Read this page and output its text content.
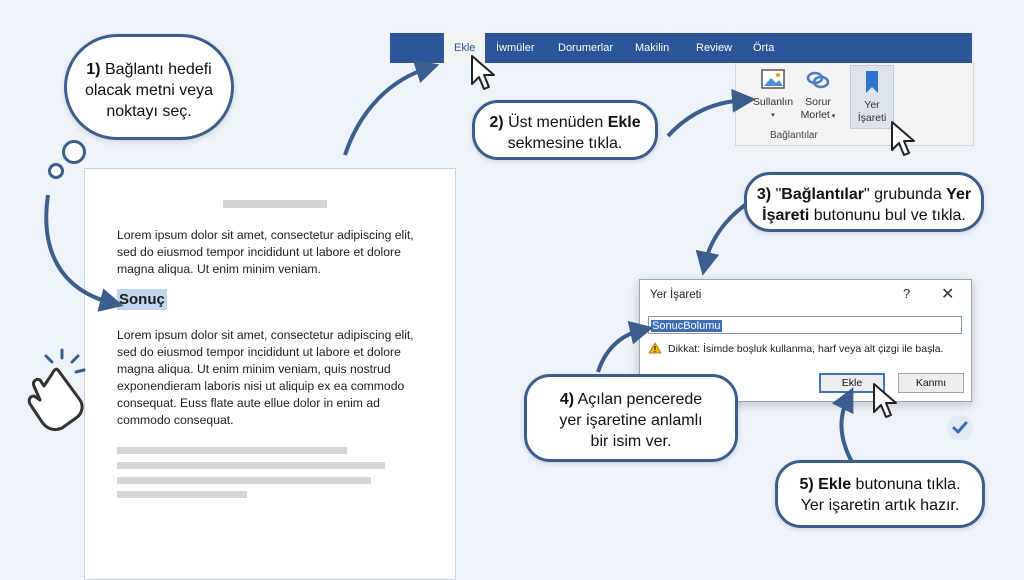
1) Bağlantı hedefi
olacak metni veya
noktayı seç.
Lorem ipsum dolor sit amet, consectetur adipiscing elit, sed do eiusmod tempor incididunt ut labore et dolore magna aliqua. Ut enim minim veniam.
Sonuç
Lorem ipsum dolor sit amet, consectetur adipiscing elit, sed do eiusmod tempor incididunt ut labore et dolore magna aliqua. Ut enim minim veniam, quis nostrud exponendieram laboris nisi ut aliquip ex ea commodo consequat. Euss flate aute ellue dolor in enim ad commodo consequat.
Ekle	İwmüler Dorumerlar Makilin Review Örta
Sullanlın
▾
Sorur
Morlet ▾
Yer
İşareti
Bağlantılar
2) Üst menüden Ekle
sekmesine tıkla.
3) "Bağlantılar" grubunda Yer
İşareti butonunu bul ve tıkla.
Yer İşareti	? ✕
SonucBolumu
Dikkat: İsimde boşluk kullanma, harf veya alt çizgi ile başla.
Ekle	Kanmı
4) Açılan pencerede
yer işaretine anlamlı
bir isim ver.
5) Ekle butonuna tıkla.
Yer işaretin artık hazır.
